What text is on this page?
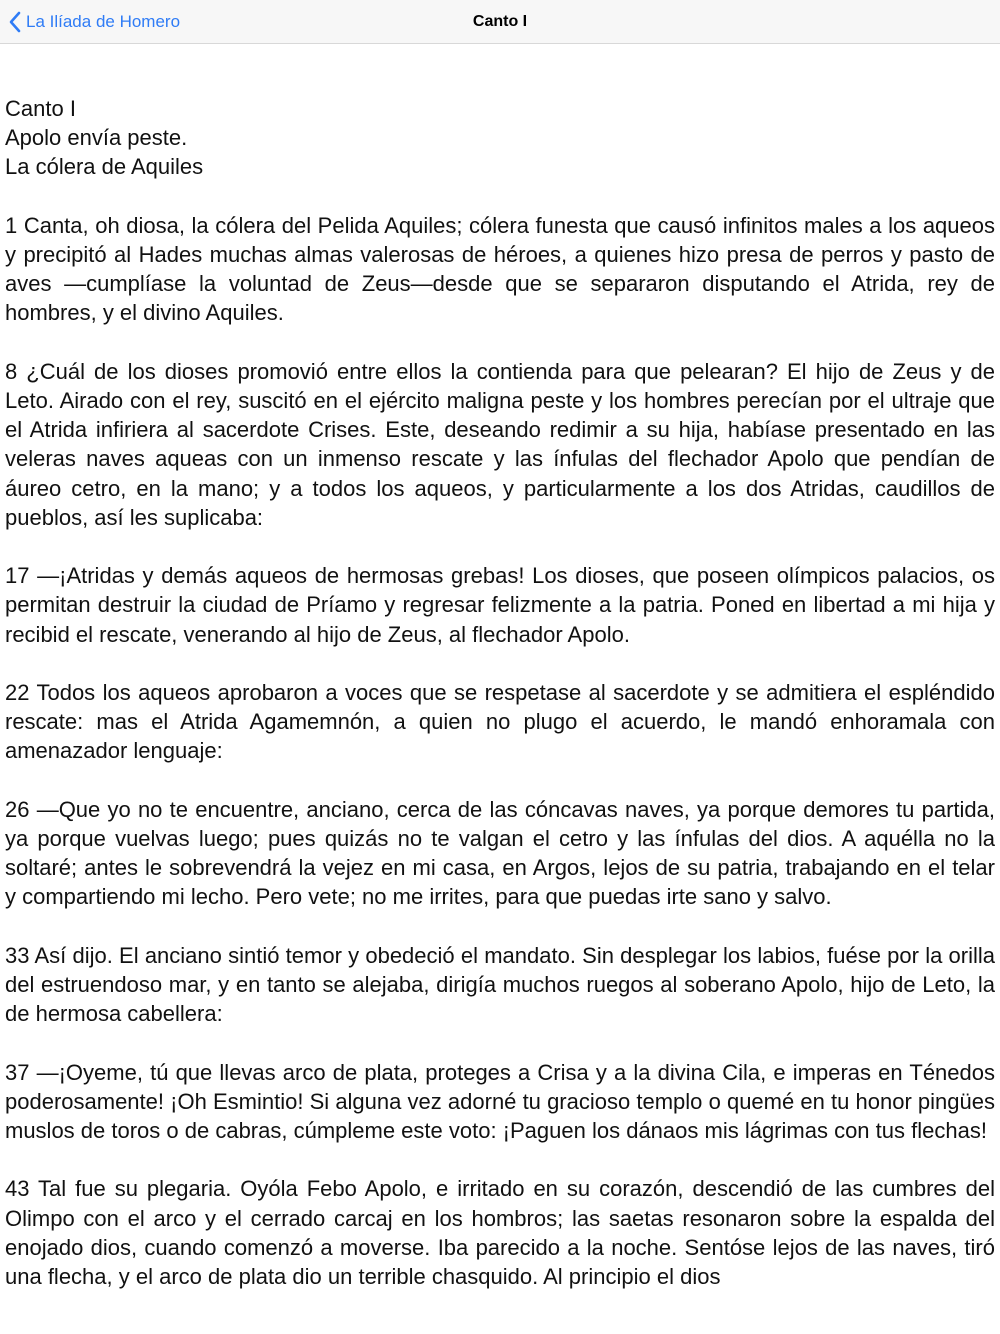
La Ilíada de Homero	Canto I
Canto I
Apolo envía peste.
La cólera de Aquiles

1 Canta, oh diosa, la cólera del Pelida Aquiles; cólera funesta que causó infinitos males a los aqueos y precipitó al Hades muchas almas valerosas de héroes, a quienes hizo presa de perros y pasto de aves —cumplíase la voluntad de Zeus—desde que se separaron disputando el Atrida, rey de hombres, y el divino Aquiles.

8 ¿Cuál de los dioses promovió entre ellos la contienda para que pelearan? El hijo de Zeus y de Leto. Airado con el rey, suscitó en el ejército maligna peste y los hombres perecían por el ultraje que el Atrida infiriera al sacerdote Crises. Este, deseando redimir a su hija, habíase presentado en las veleras naves aqueas con un inmenso rescate y las ínfulas del flechador Apolo que pendían de áureo cetro, en la mano; y a todos los aqueos, y particularmente a los dos Atridas, caudillos de pueblos, así les suplicaba:

17 —¡Atridas y demás aqueos de hermosas grebas! Los dioses, que poseen olímpicos palacios, os permitan destruir la ciudad de Príamo y regresar felizmente a la patria. Poned en libertad a mi hija y recibid el rescate, venerando al hijo de Zeus, al flechador Apolo.

22 Todos los aqueos aprobaron a voces que se respetase al sacerdote y se admitiera el espléndido rescate: mas el Atrida Agamemnón, a quien no plugo el acuerdo, le mandó enhoramala con amenazador lenguaje:

26 —Que yo no te encuentre, anciano, cerca de las cóncavas naves, ya porque demores tu partida, ya porque vuelvas luego; pues quizás no te valgan el cetro y las ínfulas del dios. A aquélla no la soltaré; antes le sobrevendrá la vejez en mi casa, en Argos, lejos de su patria, trabajando en el telar y compartiendo mi lecho. Pero vete; no me irrites, para que puedas irte sano y salvo.

33 Así dijo. El anciano sintió temor y obedeció el mandato. Sin desplegar los labios, fuése por la orilla del estruendoso mar, y en tanto se alejaba, dirigía muchos ruegos al soberano Apolo, hijo de Leto, la de hermosa cabellera:

37 —¡Oyeme, tú que llevas arco de plata, proteges a Crisa y a la divina Cila, e imperas en Ténedos poderosamente! ¡Oh Esmintio! Si alguna vez adorné tu gracioso templo o quemé en tu honor pingües muslos de toros o de cabras, cúmpleme este voto: ¡Paguen los dánaos mis lágrimas con tus flechas!

43 Tal fue su plegaria. Oyóla Febo Apolo, e irritado en su corazón, descendió de las cumbres del Olimpo con el arco y el cerrado carcaj en los hombros; las saetas resonaron sobre la espalda del enojado dios, cuando comenzó a moverse. Iba parecido a la noche. Sentóse lejos de las naves, tiró una flecha, y el arco de plata dio un terrible chasquido. Al principio el dios
